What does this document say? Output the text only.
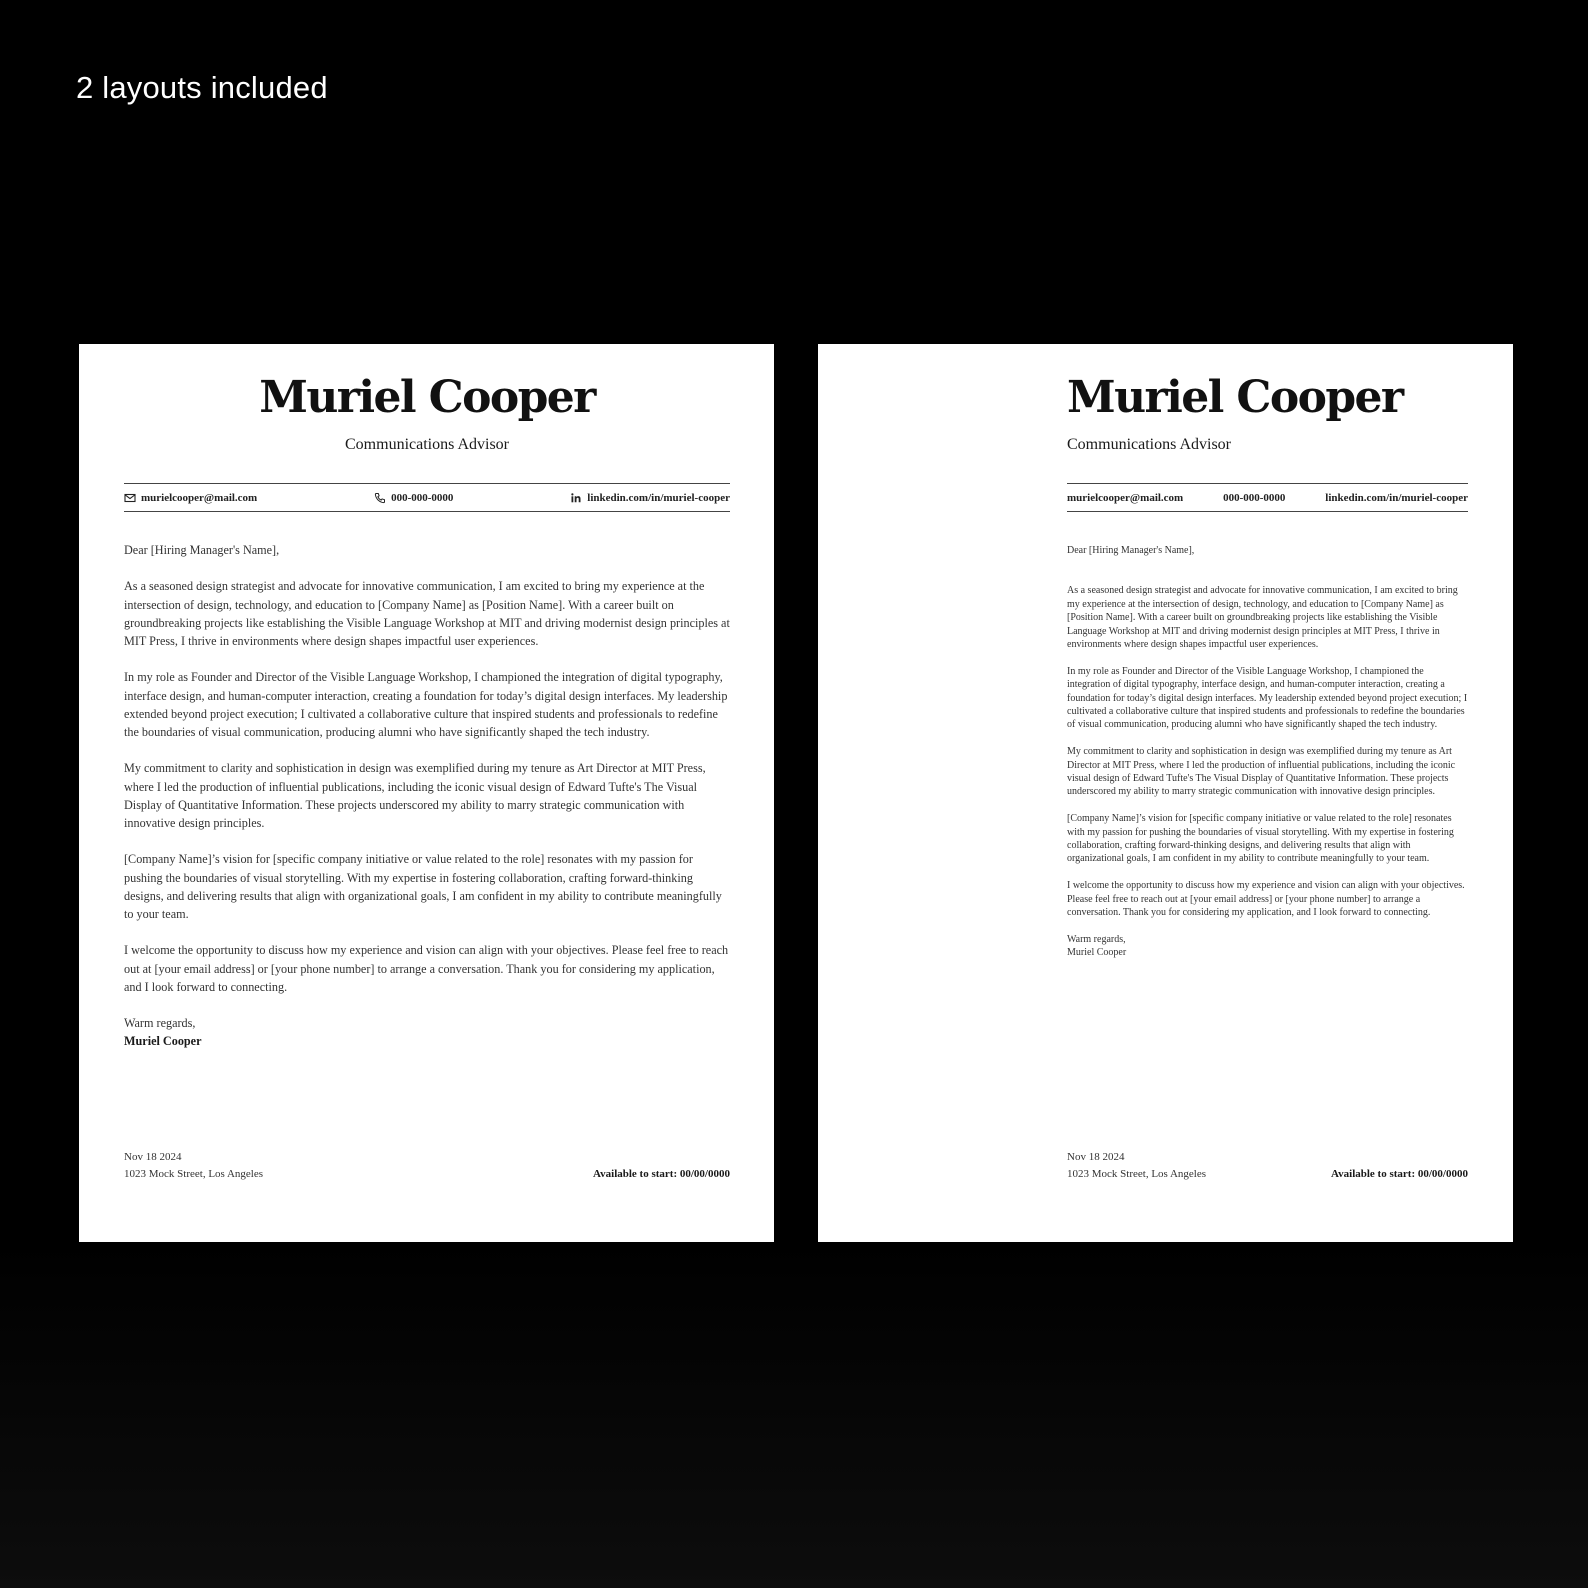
2 layouts included
Muriel Cooper
Communications Advisor
murielcooper@mail.com	000-000-0000	linkedin.com/in/muriel-cooper

Dear [Hiring Manager's Name],

As a seasoned design strategist and advocate for innovative communication, I am excited to bring my experience at the intersection of design, technology, and education to [Company Name] as [Position Name]. With a career built on groundbreaking projects like establishing the Visible Language Workshop at MIT and driving modernist design principles at MIT Press, I thrive in environments where design shapes impactful user experiences.

In my role as Founder and Director of the Visible Language Workshop, I championed the integration of digital typography, interface design, and human-computer interaction, creating a foundation for today’s digital design interfaces. My leadership extended beyond project execution; I cultivated a collaborative culture that inspired students and professionals to redefine the boundaries of visual communication, producing alumni who have significantly shaped the tech industry.

My commitment to clarity and sophistication in design was exemplified during my tenure as Art Director at MIT Press, where I led the production of influential publications, including the iconic visual design of Edward Tufte's The Visual Display of Quantitative Information. These projects underscored my ability to marry strategic communication with innovative design principles.

[Company Name]’s vision for [specific company initiative or value related to the role] resonates with my passion for pushing the boundaries of visual storytelling. With my expertise in fostering collaboration, crafting forward-thinking designs, and delivering results that align with organizational goals, I am confident in my ability to contribute meaningfully to your team.

I welcome the opportunity to discuss how my experience and vision can align with your objectives. Please feel free to reach out at [your email address] or [your phone number] to arrange a conversation. Thank you for considering my application, and I look forward to connecting.

Warm regards,
Muriel Cooper
Nov 18 2024
1023 Mock Street, Los Angeles	Available to start: 00/00/0000
Muriel Cooper
Communications Advisor
murielcooper@mail.com	000-000-0000	linkedin.com/in/muriel-cooper
Dear [Hiring Manager's Name],

As a seasoned design strategist and advocate for innovative communication, I am excited to bring my experience at the intersection of design, technology, and education to [Company Name] as [Position Name]. With a career built on groundbreaking projects like establishing the Visible Language Workshop at MIT and driving modernist design principles at MIT Press, I thrive in environments where design shapes impactful user experiences.

In my role as Founder and Director of the Visible Language Workshop, I championed the integration of digital typography, interface design, and human-computer interaction, creating a foundation for today’s digital design interfaces. My leadership extended beyond project execution; I cultivated a collaborative culture that inspired students and professionals to redefine the boundaries of visual communication, producing alumni who have significantly shaped the tech industry.

My commitment to clarity and sophistication in design was exemplified during my tenure as Art Director at MIT Press, where I led the production of influential publications, including the iconic visual design of Edward Tufte's The Visual Display of Quantitative Information. These projects underscored my ability to marry strategic communication with innovative design principles.

[Company Name]’s vision for [specific company initiative or value related to the role] resonates with my passion for pushing the boundaries of visual storytelling. With my expertise in fostering collaboration, crafting forward-thinking designs, and delivering results that align with organizational goals, I am confident in my ability to contribute meaningfully to your team.

I welcome the opportunity to discuss how my experience and vision can align with your objectives. Please feel free to reach out at [your email address] or [your phone number] to arrange a conversation. Thank you for considering my application, and I look forward to connecting.

Warm regards,
Muriel Cooper
Nov 18 2024
1023 Mock Street, Los Angeles	Available to start: 00/00/0000
